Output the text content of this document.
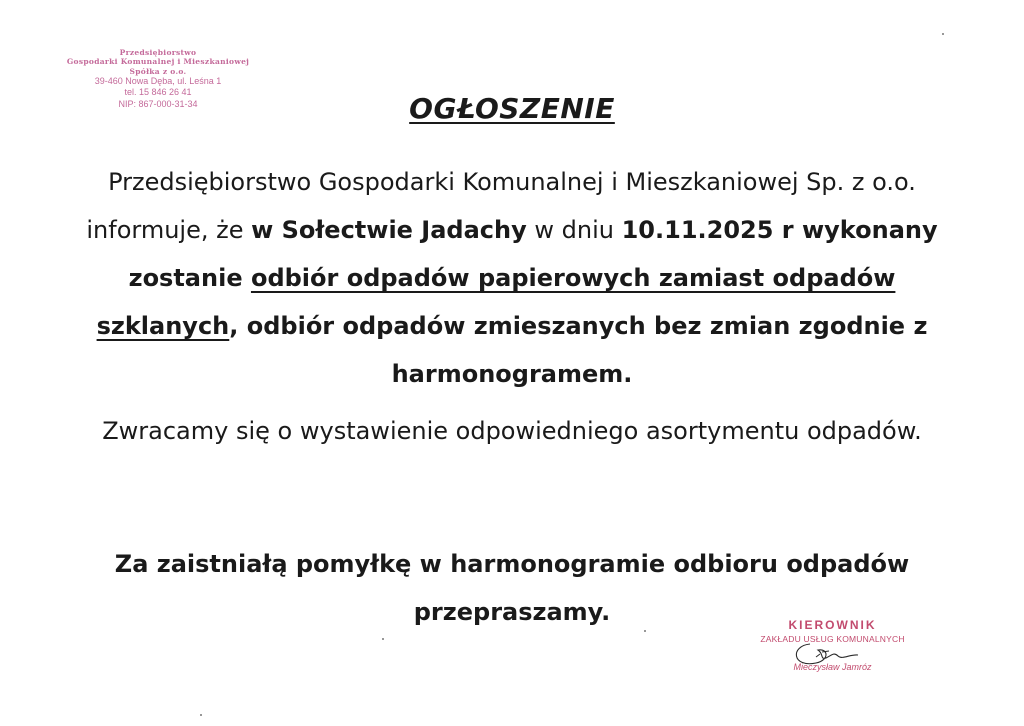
Przedsiębiorstwo
Gospodarki Komunalnej i Mieszkaniowej
Spółka z o.o.
39-460 Nowa Dęba, ul. Leśna 1
tel. 15 846 26 41
NIP: 867-000-31-34	OGŁOSZENIE
Przedsiębiorstwo Gospodarki Komunalnej i Mieszkaniowej Sp. z o.o. informuje, że w Sołectwie Jadachy w dniu 10.11.2025 r wykonany zostanie odbiór odpadów papierowych zamiast odpadów szklanych, odbiór odpadów zmieszanych bez zmian zgodnie z harmonogramem.
Zwracamy się o wystawienie odpowiedniego asortymentu odpadów.
Za zaistniałą pomyłkę w harmonogramie odbioru odpadów przepraszamy.	KIEROWNIK
ZAKŁADU USŁUG KOMUNALNYCH
Mieczysław Jamróz
